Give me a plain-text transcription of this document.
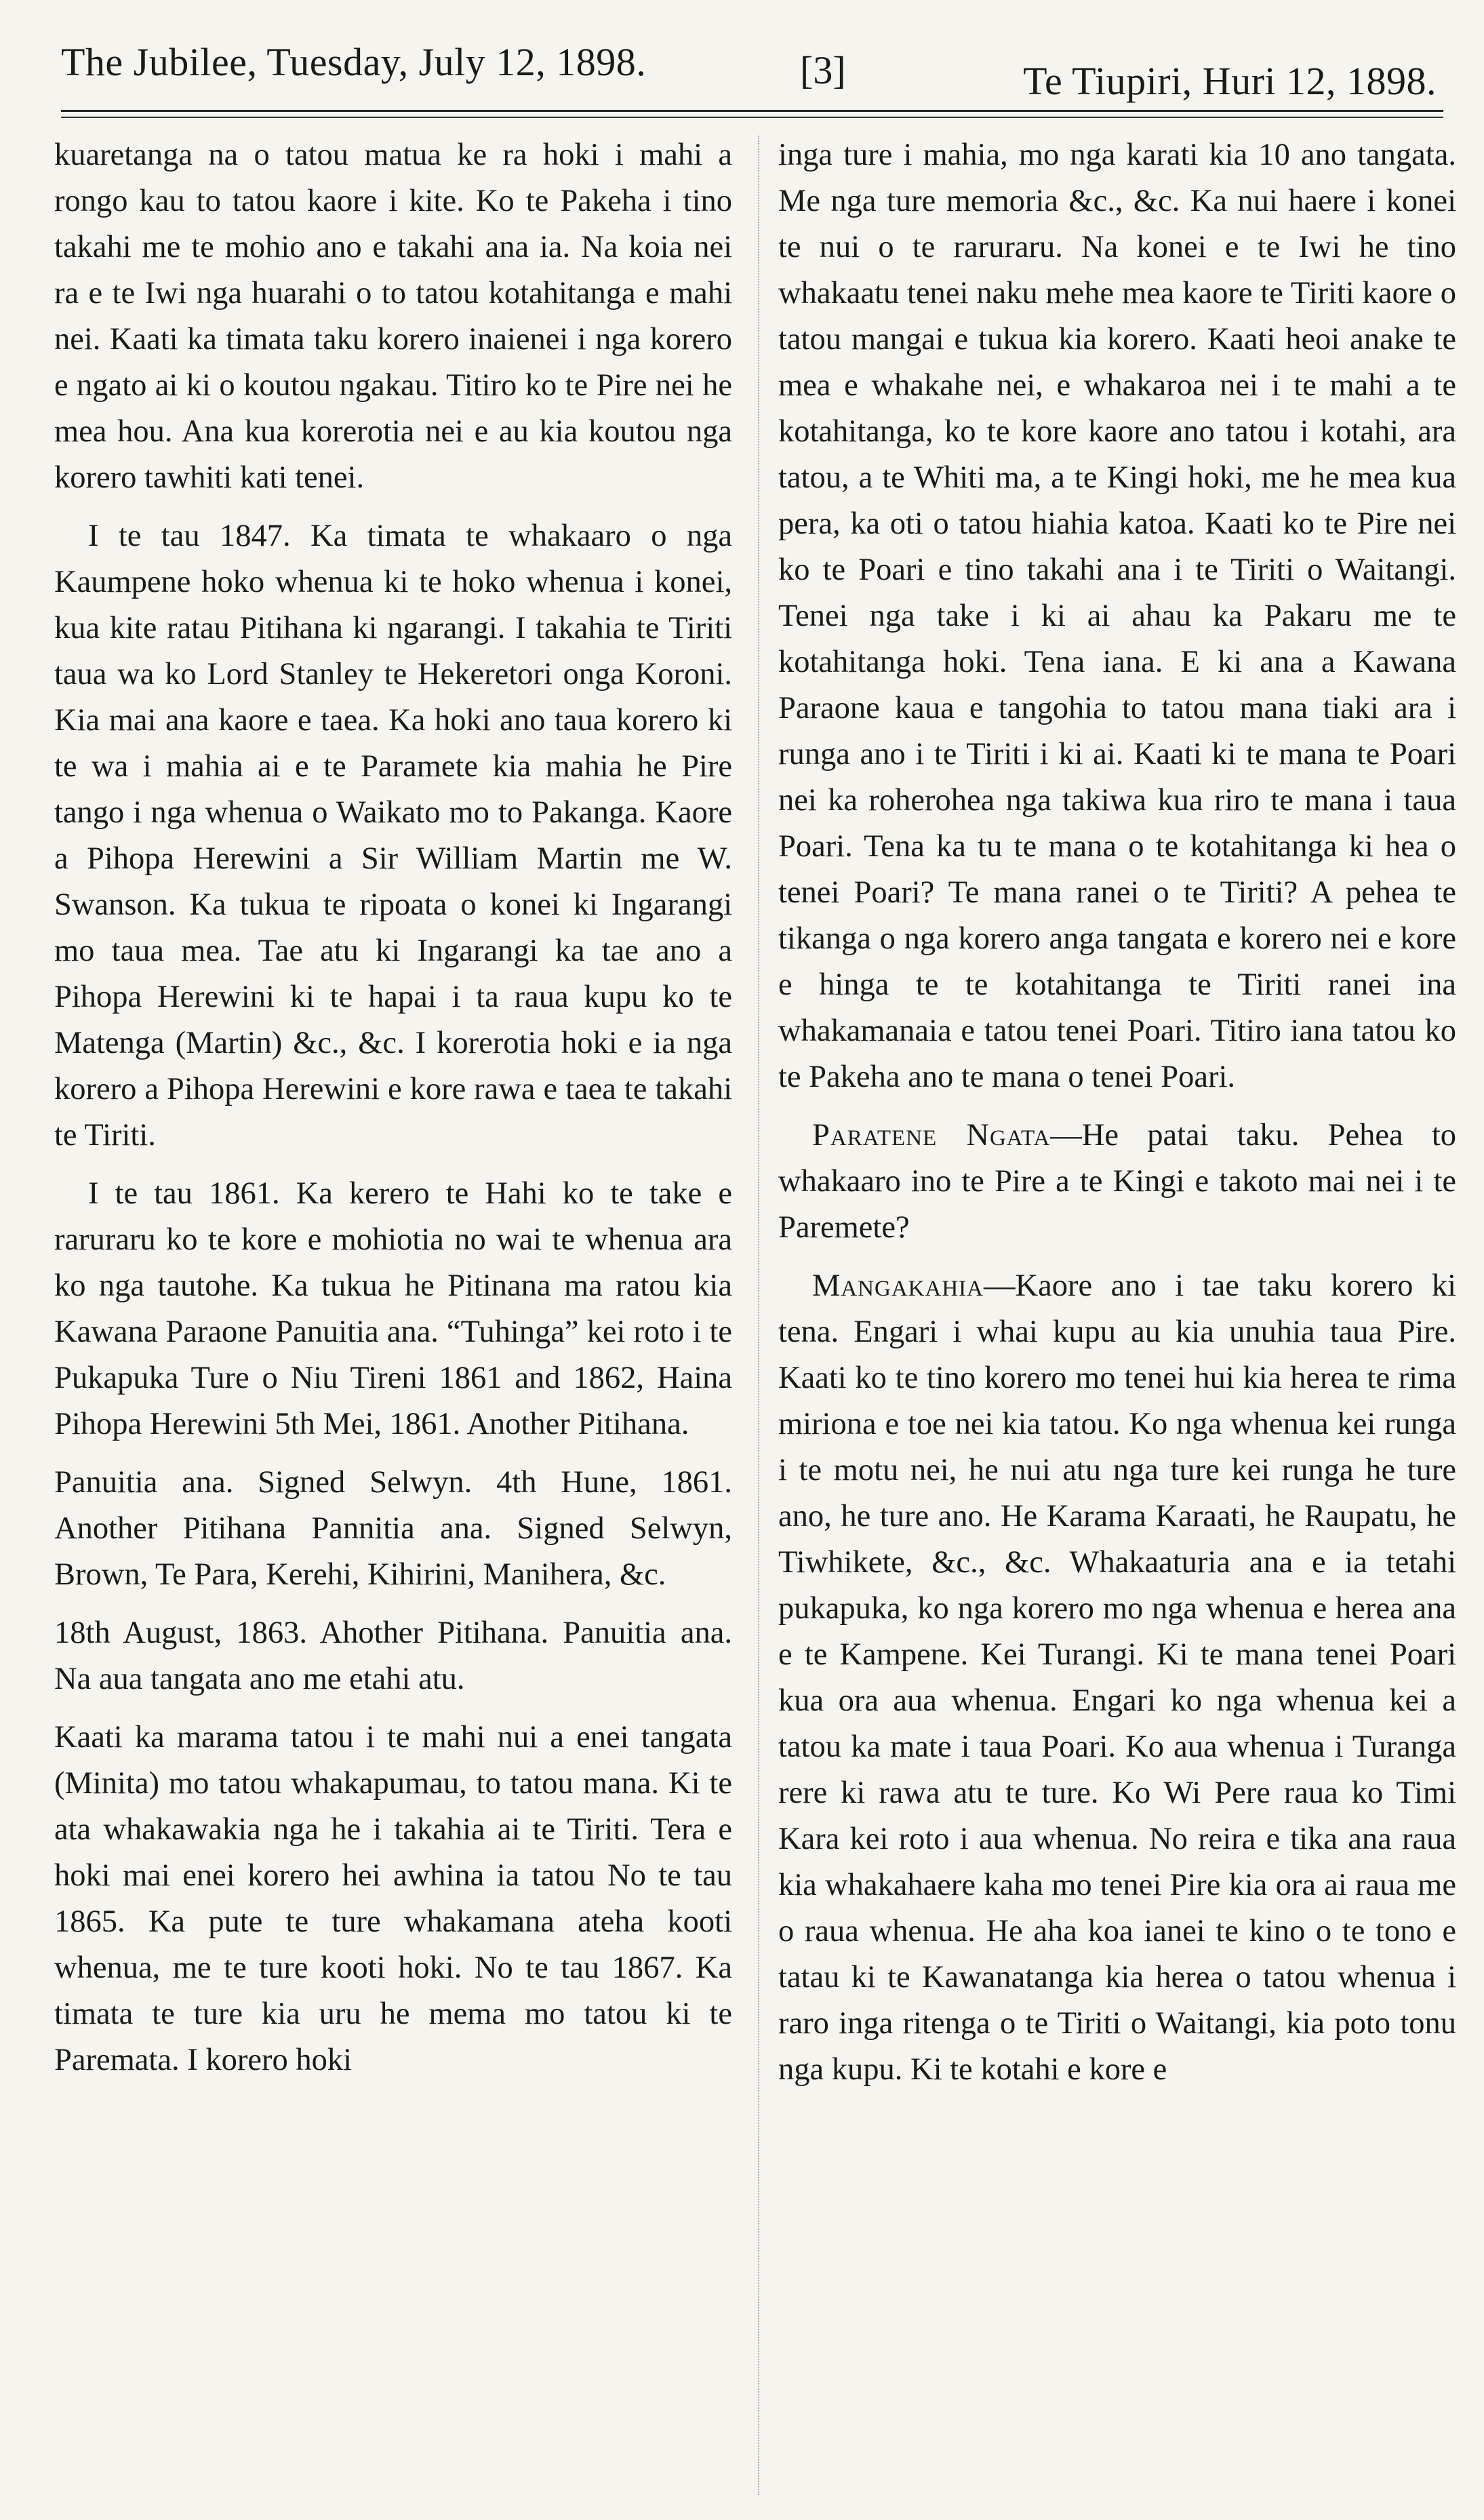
The Jubilee, Tuesday, July 12, 1898.	[3]	Te Tiupiri, Huri 12, 1898.

kuaretanga na o tatou matua ke ra hoki i mahi a rongo kau to tatou kaore i kite. Ko te Pakeha i tino takahi me te mohio ano e takahi ana ia. Na koia nei ra e te Iwi nga huarahi o to tatou kotahitanga e mahi nei. Kaati ka timata taku korero inaienei i nga korero e ngato ai ki o koutou ngakau. Titiro ko te Pire nei he mea hou. Ana kua korerotia nei e au kia koutou nga korero tawhiti kati tenei.

I te tau 1847. Ka timata te whakaaro o nga Kaumpene hoko whenua ki te hoko whenua i konei, kua kite ratau Pitihana ki ngarangi. I takahia te Tiriti taua wa ko Lord Stanley te Hekeretori onga Koroni. Kia mai ana kaore e taea. Ka hoki ano taua korero ki te wa i mahia ai e te Paramete kia mahia he Pire tango i nga whenua o Waikato mo to Pakanga. Kaore a Pihopa Herewini a Sir William Martin me W. Swanson. Ka tukua te ripoata o konei ki Ingarangi mo taua mea. Tae atu ki Ingarangi ka tae ano a Pihopa Herewini ki te hapai i ta raua kupu ko te Matenga (Martin) &c., &c. I korerotia hoki e ia nga korero a Pihopa Herewini e kore rawa e taea te takahi te Tiriti.

I te tau 1861. Ka kerero te Hahi ko te take e raruraru ko te kore e mohiotia no wai te whenua ara ko nga tautohe. Ka tukua he Pitinana ma ratou kia Kawana Paraone Panuitia ana. “Tuhinga” kei roto i te Pukapuka Ture o Niu Tireni 1861 and 1862, Haina Pihopa Herewini 5th Mei, 1861. Another Pitihana.

Panuitia ana. Signed Selwyn. 4th Hune, 1861. Another Pitihana Pannitia ana. Signed Selwyn, Brown, Te Para, Kerehi, Kihirini, Manihera, &c.

18th August, 1863. Ahother Pitihana. Panuitia ana. Na aua tangata ano me etahi atu.

Kaati ka marama tatou i te mahi nui a enei tangata (Minita) mo tatou whakapumau, to tatou mana. Ki te ata whakawakia nga he i takahia ai te Tiriti. Tera e hoki mai enei korero hei awhina ia tatou No te tau 1865. Ka pute te ture whakamana ateha kooti whenua, me te ture kooti hoki. No te tau 1867. Ka timata te ture kia uru he mema mo tatou ki te Paremata. I korero hoki

inga ture i mahia, mo nga karati kia 10 ano tangata. Me nga ture memoria &c., &c. Ka nui haere i konei te nui o te raruraru. Na konei e te Iwi he tino whakaatu tenei naku mehe mea kaore te Tiriti kaore o tatou mangai e tukua kia korero. Kaati heoi anake te mea e whakahe nei, e whakaroa nei i te mahi a te kotahitanga, ko te kore kaore ano tatou i kotahi, ara tatou, a te Whiti ma, a te Kingi hoki, me he mea kua pera, ka oti o tatou hiahia katoa. Kaati ko te Pire nei ko te Poari e tino takahi ana i te Tiriti o Waitangi. Tenei nga take i ki ai ahau ka Pakaru me te kotahitanga hoki. Tena iana. E ki ana a Kawana Paraone kaua e tangohia to tatou mana tiaki ara i runga ano i te Tiriti i ki ai. Kaati ki te mana te Poari nei ka roherohea nga takiwa kua riro te mana i taua Poari. Tena ka tu te mana o te kotahitanga ki hea o tenei Poari? Te mana ranei o te Tiriti? A pehea te tikanga o nga korero anga tangata e korero nei e kore e hinga te te kotahitanga te Tiriti ranei ina whakamanaia e tatou tenei Poari. Titiro iana tatou ko te Pakeha ano te mana o tenei Poari.

Paratene Ngata—He patai taku. Pehea to whakaaro ino te Pire a te Kingi e takoto mai nei i te Paremete?

Mangakahia—Kaore ano i tae taku korero ki tena. Engari i whai kupu au kia unuhia taua Pire. Kaati ko te tino korero mo tenei hui kia herea te rima miriona e toe nei kia tatou. Ko nga whenua kei runga i te motu nei, he nui atu nga ture kei runga he ture ano, he ture ano. He Karama Karaati, he Raupatu, he Tiwhikete, &c., &c. Whakaaturia ana e ia tetahi pukapuka, ko nga korero mo nga whenua e herea ana e te Kampene. Kei Turangi. Ki te mana tenei Poari kua ora aua whenua. Engari ko nga whenua kei a tatou ka mate i taua Poari. Ko aua whenua i Turanga rere ki rawa atu te ture. Ko Wi Pere raua ko Timi Kara kei roto i aua whenua. No reira e tika ana raua kia whakahaere kaha mo tenei Pire kia ora ai raua me o raua whenua. He aha koa ianei te kino o te tono e tatau ki te Kawanatanga kia herea o tatou whenua i raro inga ritenga o te Tiriti o Waitangi, kia poto tonu nga kupu. Ki te kotahi e kore e
